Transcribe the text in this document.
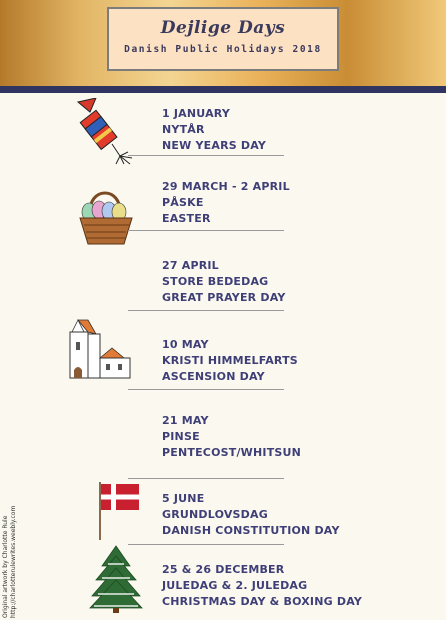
Dejlige Days
Danish Public Holidays 2018
1 JANUARY
NYTÅR
NEW YEARS DAY
29 MARCH - 2 APRIL
PÅSKE
EASTER
27 APRIL
STORE BEDEDAG
GREAT PRAYER DAY
10 MAY
KRISTI HIMMELFARTS
ASCENSION DAY
21 MAY
PINSE
PENTECOST/WHITSUN
5 JUNE
GRUNDLOVSDAG
DANISH CONSTITUTION DAY
25 & 26 DECEMBER
JULEDAG & 2. JULEDAG
CHRISTMAS DAY & BOXING DAY
Original artwork by Charlotte Rule http://charlotterulewrites.weebly.com
